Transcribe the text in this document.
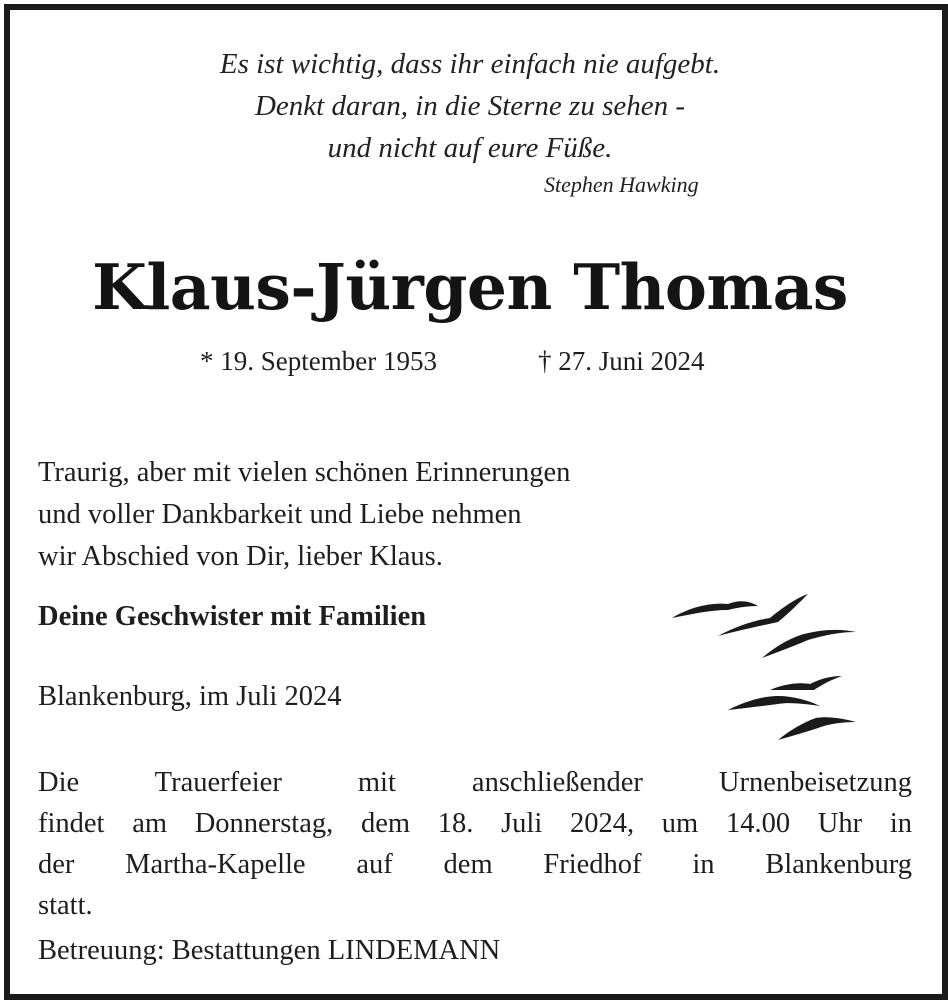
Es ist wichtig, dass ihr einfach nie aufgebt.
Denkt daran, in die Sterne zu sehen -
und nicht auf eure Füße.
Stephen Hawking
Klaus-Jürgen Thomas
* 19. September 1953	† 27. Juni 2024
Traurig, aber mit vielen schönen Erinnerungen
und voller Dankbarkeit und Liebe nehmen
wir Abschied von Dir, lieber Klaus.
Deine Geschwister mit Familien
Blankenburg, im Juli 2024
Die Trauerfeier mit anschließender Urnenbeisetzung
findet am Donnerstag, dem 18. Juli 2024, um 14.00 Uhr in
der Martha-Kapelle auf dem Friedhof in Blankenburg
statt.
Betreuung: Bestattungen LINDEMANN
